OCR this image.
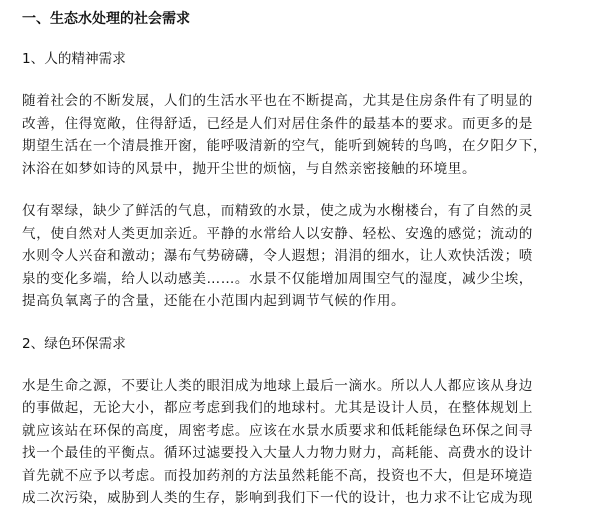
一、生态水处理的社会需求
1、人的精神需求
随着社会的不断发展，人们的生活水平也在不断提高，尤其是住房条件有了明显的
改善，住得宽敞，住得舒适，已经是人们对居住条件的最基本的要求。而更多的是
期望生活在一个清晨推开窗，能呼吸清新的空气，能听到婉转的鸟鸣，在夕阳夕下，
沐浴在如梦如诗的风景中，抛开尘世的烦恼，与自然亲密接触的环境里。
仅有翠绿，缺少了鲜活的气息，而精致的水景，使之成为水榭楼台，有了自然的灵
气，使自然对人类更加亲近。平静的水常给人以安静、轻松、安逸的感觉；流动的
水则令人兴奋和激动；瀑布气势磅礴，令人遐想；涓涓的细水，让人欢快活泼；喷
泉的变化多端，给人以动感美……。水景不仅能增加周围空气的湿度，减少尘埃，
提高负氧离子的含量，还能在小范围内起到调节气候的作用。
2、绿色环保需求
水是生命之源，不要让人类的眼泪成为地球上最后一滴水。所以人人都应该从身边
的事做起，无论大小，都应考虑到我们的地球村。尤其是设计人员，在整体规划上
就应该站在环保的高度，周密考虑。应该在水景水质要求和低耗能绿色环保之间寻
找一个最佳的平衡点。循环过滤要投入大量人力物力财力，高耗能、高费水的设计
首先就不应予以考虑。而投加药剂的方法虽然耗能不高，投资也不大，但是环境造
成二次污染，威胁到人类的生存，影响到我们下一代的设计，也力求不让它成为现
